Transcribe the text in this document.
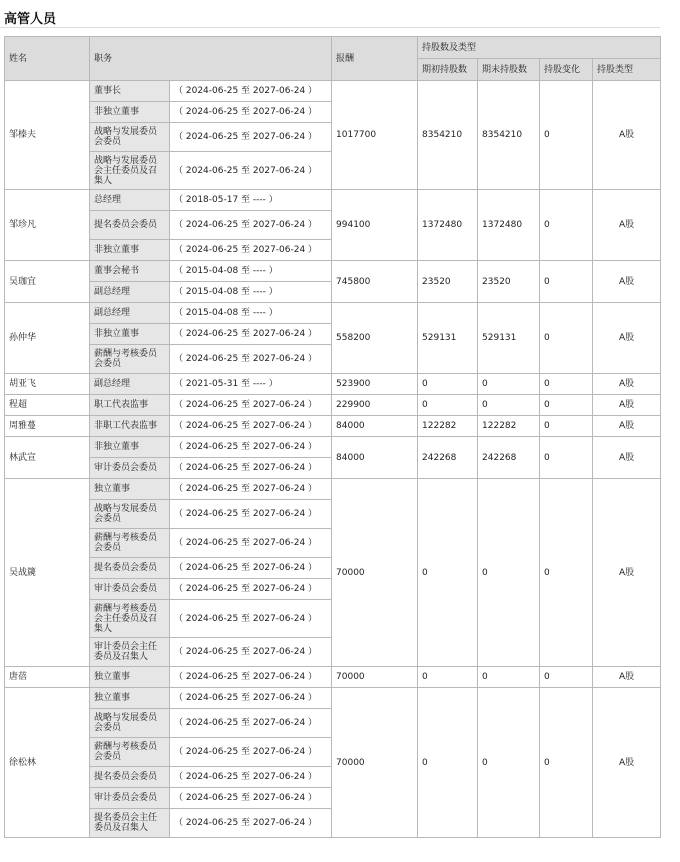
高管人员
姓名	职务		报酬	持股数及类型			
				期初持股数	期末持股数	持股变化	持股类型
邹榛夫	董事长	（ 2024-06-25 至 2027-06-24 ）	1017700	8354210	8354210	0	A股
	非独立董事	（ 2024-06-25 至 2027-06-24 ）					
	战略与发展委员会委员	（ 2024-06-25 至 2027-06-24 ）					
	战略与发展委员会主任委员及召集人	（ 2024-06-25 至 2027-06-24 ）					
邹珍凡	总经理	（ 2018-05-17 至 ---- ）	994100	1372480	1372480	0	A股
	提名委员会委员	（ 2024-06-25 至 2027-06-24 ）					
	非独立董事	（ 2024-06-25 至 2027-06-24 ）					
吴珈宜	董事会秘书	（ 2015-04-08 至 ---- ）	745800	23520	23520	0	A股
	副总经理	（ 2015-04-08 至 ---- ）					
孙仲华	副总经理	（ 2015-04-08 至 ---- ）	558200	529131	529131	0	A股
	非独立董事	（ 2024-06-25 至 2027-06-24 ）					
	薪酬与考核委员会委员	（ 2024-06-25 至 2027-06-24 ）					
胡亚飞	副总经理	（ 2021-05-31 至 ---- ）	523900	0	0	0	A股
程超	职工代表监事	（ 2024-06-25 至 2027-06-24 ）	229900	0	0	0	A股
周雅蔓	非职工代表监事	（ 2024-06-25 至 2027-06-24 ）	84000	122282	122282	0	A股
林武宣	非独立董事	（ 2024-06-25 至 2027-06-24 ）	84000	242268	242268	0	A股
	审计委员会委员	（ 2024-06-25 至 2027-06-24 ）					
吴战篪	独立董事	（ 2024-06-25 至 2027-06-24 ）	70000	0	0	0	A股
	战略与发展委员会委员	（ 2024-06-25 至 2027-06-24 ）					
	薪酬与考核委员会委员	（ 2024-06-25 至 2027-06-24 ）					
	提名委员会委员	（ 2024-06-25 至 2027-06-24 ）					
	审计委员会委员	（ 2024-06-25 至 2027-06-24 ）					
	薪酬与考核委员会主任委员及召集人	（ 2024-06-25 至 2027-06-24 ）					
	审计委员会主任委员及召集人	（ 2024-06-25 至 2027-06-24 ）					
唐蓓	独立董事	（ 2024-06-25 至 2027-06-24 ）	70000	0	0	0	A股
徐松林	独立董事	（ 2024-06-25 至 2027-06-24 ）	70000	0	0	0	A股
	战略与发展委员会委员	（ 2024-06-25 至 2027-06-24 ）					
	薪酬与考核委员会委员	（ 2024-06-25 至 2027-06-24 ）					
	提名委员会委员	（ 2024-06-25 至 2027-06-24 ）					
	审计委员会委员	（ 2024-06-25 至 2027-06-24 ）					
	提名委员会主任委员及召集人	（ 2024-06-25 至 2027-06-24 ）					
